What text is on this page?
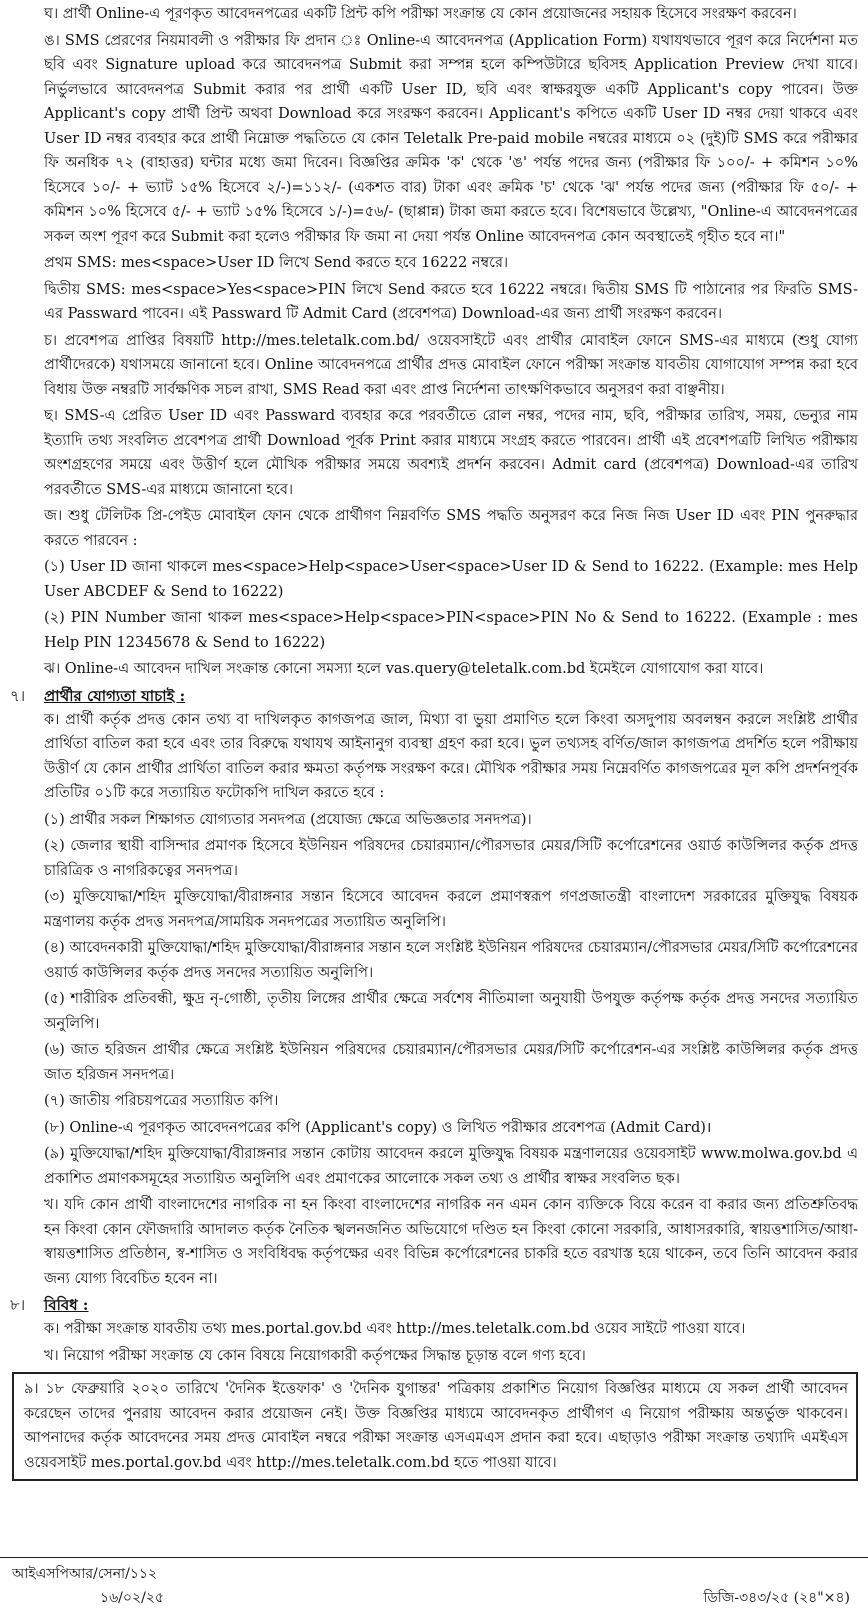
ঘ। প্রার্থী Online-এ পূরণকৃত আবেদনপত্রের একটি প্রিন্ট কপি পরীক্ষা সংক্রান্ত যে কোন প্রয়োজনের সহায়ক হিসেবে সংরক্ষণ করবেন।

ঙ। SMS প্রেরণের নিয়মাবলী ও পরীক্ষার ফি প্রদান ঃ Online-এ আবেদনপত্র (Application Form) যথাযথভাবে পূরণ করে নির্দেশনা মত ছবি এবং Signature upload করে আবেদনপত্র Submit করা সম্পন্ন হলে কম্পিউটারে ছবিসহ Application Preview দেখা যাবে। নির্ভুলভাবে আবেদনপত্র Submit করার পর প্রার্থী একটি User ID, ছবি এবং স্বাক্ষরযুক্ত একটি Applicant's copy পাবেন। উক্ত Applicant's copy প্রার্থী প্রিন্ট অথবা Download করে সংরক্ষণ করবেন। Applicant's কপিতে একটি User ID নম্বর দেয়া থাকবে এবং User ID নম্বর ব্যবহার করে প্রার্থী নিম্নোক্ত পদ্ধতিতে যে কোন Teletalk Pre-paid mobile নম্বরের মাধ্যমে ০২ (দুই)টি SMS করে পরীক্ষার ফি অনধিক ৭২ (বাহাত্তর) ঘন্টার মধ্যে জমা দিবেন। বিজ্ঞপ্তির ক্রমিক 'ক' থেকে 'ঙ' পর্যন্ত পদের জন্য (পরীক্ষার ফি ১০০/- + কমিশন ১০% হিসেবে ১০/- + ভ্যাট ১৫% হিসেবে ২/-)=১১২/- (একশত বার) টাকা এবং ক্রমিক 'চ' থেকে 'ঝ' পর্যন্ত পদের জন্য (পরীক্ষার ফি ৫০/- + কমিশন ১০% হিসেবে ৫/- + ভ্যাট ১৫% হিসেবে ১/-)=৫৬/- (ছাপ্পান্ন) টাকা জমা করতে হবে। বিশেষভাবে উল্লেখ্য, "Online-এ আবেদনপত্রের সকল অংশ পূরণ করে Submit করা হলেও পরীক্ষার ফি জমা না দেয়া পর্যন্ত Online আবেদনপত্র কোন অবস্থাতেই গৃহীত হবে না।"

প্রথম SMS: mes<space>User ID লিখে Send করতে হবে 16222 নম্বরে।

দ্বিতীয় SMS: mes<space>Yes<space>PIN লিখে Send করতে হবে 16222 নম্বরে। দ্বিতীয় SMS টি পাঠানোর পর ফিরতি SMS-এর Passward পাবেন। এই Passward টি Admit Card (প্রবেশপত্র) Download-এর জন্য প্রার্থী সংরক্ষণ করবেন।

চ। প্রবেশপত্র প্রাপ্তির বিষয়টি http://mes.teletalk.com.bd/ ওয়েবসাইটে এবং প্রার্থীর মোবাইল ফোনে SMS-এর মাধ্যমে (শুধু যোগ্য প্রার্থীদেরকে) যথাসময়ে জানানো হবে। Online আবেদনপত্রে প্রার্থীর প্রদত্ত মোবাইল ফোনে পরীক্ষা সংক্রান্ত যাবতীয় যোগাযোগ সম্পন্ন করা হবে বিধায় উক্ত নম্বরটি সার্বক্ষণিক সচল রাখা, SMS Read করা এবং প্রাপ্ত নির্দেশনা তাৎক্ষণিকভাবে অনুসরণ করা বাঞ্ছনীয়।

ছ। SMS-এ প্রেরিত User ID এবং Passward ব্যবহার করে পরবর্তীতে রোল নম্বর, পদের নাম, ছবি, পরীক্ষার তারিখ, সময়, ভেন্যুর নাম ইত্যাদি তথ্য সংবলিত প্রবেশপত্র প্রার্থী Download পূর্বক Print করার মাধ্যমে সংগ্রহ করতে পারবেন। প্রার্থী এই প্রবেশপত্রটি লিখিত পরীক্ষায় অংশগ্রহণের সময়ে এবং উত্তীর্ণ হলে মৌখিক পরীক্ষার সময়ে অবশ্যই প্রদর্শন করবেন। Admit card (প্রবেশপত্র) Download-এর তারিখ পরবর্তীতে SMS-এর মাধ্যমে জানানো হবে।

জ। শুধু টেলিটক প্রি-পেইড মোবাইল ফোন থেকে প্রার্থীগণ নিম্নবর্ণিত SMS পদ্ধতি অনুসরণ করে নিজ নিজ User ID এবং PIN পুনরুদ্ধার করতে পারবেন :

(১) User ID জানা থাকলে mes<space>Help<space>User<space>User ID & Send to 16222. (Example: mes Help User ABCDEF & Send to 16222)

(২) PIN Number জানা থাকল mes<space>Help<space>PIN<space>PIN No & Send to 16222. (Example : mes Help PIN 12345678 & Send to 16222)

ঝ। Online-এ আবেদন দাখিল সংক্রান্ত কোনো সমস্যা হলে vas.query@teletalk.com.bd ইমেইলে যোগাযোগ করা যাবে।

৭।	প্রার্থীর যোগ্যতা যাচাই :

ক। প্রার্থী কর্তৃক প্রদত্ত কোন তথ্য বা দাখিলকৃত কাগজপত্র জাল, মিথ্যা বা ভুয়া প্রমাণিত হলে কিংবা অসদুপায় অবলম্বন করলে সংশ্লিষ্ট প্রার্থীর প্রার্থিতা বাতিল করা হবে এবং তার বিরুদ্ধে যথাযথ আইনানুগ ব্যবস্থা গ্রহণ করা হবে। ভুল তথ্যসহ বর্ণিত/জাল কাগজপত্র প্রদর্শিত হলে পরীক্ষায় উত্তীর্ণ যে কোন প্রার্থীর প্রার্থিতা বাতিল করার ক্ষমতা কর্তৃপক্ষ সংরক্ষণ করে। মৌখিক পরীক্ষার সময় নিম্নেবর্ণিত কাগজপত্রের মূল কপি প্রদর্শনপূর্বক প্রতিটির ০১টি করে সত্যায়িত ফটোকপি দাখিল করতে হবে :

(১) প্রার্থীর সকল শিক্ষাগত যোগ্যতার সনদপত্র (প্রযোজ্য ক্ষেত্রে অভিজ্ঞতার সনদপত্র)।

(২) জেলার স্থায়ী বাসিন্দার প্রমাণক হিসেবে ইউনিয়ন পরিষদের চেয়ারম্যান/পৌরসভার মেয়র/সিটি কর্পোরেশনের ওয়ার্ড কাউন্সিলর কর্তৃক প্রদত্ত চারিত্রিক ও নাগরিকত্বের সনদপত্র।

(৩) মুক্তিযোদ্ধা/শহিদ মুক্তিযোদ্ধা/বীরাঙ্গনার সন্তান হিসেবে আবেদন করলে প্রমাণস্বরূপ গণপ্রজাতন্ত্রী বাংলাদেশ সরকারের মুক্তিযুদ্ধ বিষয়ক মন্ত্রণালয় কর্তৃক প্রদত্ত সনদপত্র/সাময়িক সনদপত্রের সত্যায়িত অনুলিপি।

(৪) আবেদনকারী মুক্তিযোদ্ধা/শহিদ মুক্তিযোদ্ধা/বীরাঙ্গনার সন্তান হলে সংশ্লিষ্ট ইউনিয়ন পরিষদের চেয়ারম্যান/পৌরসভার মেয়র/সিটি কর্পোরেশনের ওয়ার্ড কাউন্সিলর কর্তৃক প্রদত্ত সনদের সত্যায়িত অনুলিপি।

(৫) শারীরিক প্রতিবন্ধী, ক্ষুদ্র নৃ-গোষ্ঠী, তৃতীয় লিঙ্গের প্রার্থীর ক্ষেত্রে সর্বশেষ নীতিমালা অনুযায়ী উপযুক্ত কর্তৃপক্ষ কর্তৃক প্রদত্ত সনদের সত্যায়িত অনুলিপি।

(৬) জাত হরিজন প্রার্থীর ক্ষেত্রে সংশ্লিষ্ট ইউনিয়ন পরিষদের চেয়ারম্যান/পৌরসভার মেয়র/সিটি কর্পোরেশন-এর সংশ্লিষ্ট কাউন্সিলর কর্তৃক প্রদত্ত জাত হরিজন সনদপত্র।

(৭) জাতীয় পরিচয়পত্রের সত্যায়িত কপি।

(৮) Online-এ পূরণকৃত আবেদনপত্রের কপি (Applicant's copy) ও লিখিত পরীক্ষার প্রবেশপত্র (Admit Card)।

(৯) মুক্তিযোদ্ধা/শহিদ মুক্তিযোদ্ধা/বীরাঙ্গনার সন্তান কোটায় আবেদন করলে মুক্তিযুদ্ধ বিষয়ক মন্ত্রণালয়ের ওয়েবসাইট www.molwa.gov.bd এ প্রকাশিত প্রমাণকসমূহের সত্যায়িত অনুলিপি এবং প্রমাণকের আলোকে সকল তথ্য ও প্রার্থীর স্বাক্ষর সংবলিত ছক।

খ। যদি কোন প্রার্থী বাংলাদেশের নাগরিক না হন কিংবা বাংলাদেশের নাগরিক নন এমন কোন ব্যক্তিকে বিয়ে করেন বা করার জন্য প্রতিশ্রুতিবদ্ধ হন কিংবা কোন ফৌজদারি আদালত কর্তৃক নৈতিক স্খলনজনিত অভিযোগে দণ্ডিত হন কিংবা কোনো সরকারি, আধাসরকারি, স্বায়ত্তশাসিত/আধা-স্বায়ত্তশাসিত প্রতিষ্ঠান, স্ব-শাসিত ও সংবিধিবদ্ধ কর্তৃপক্ষের এবং বিভিন্ন কর্পোরেশনের চাকরি হতে বরখাস্ত হয়ে থাকেন, তবে তিনি আবেদন করার জন্য যোগ্য বিবেচিত হবেন না।

৮।	বিবিধ :

ক। পরীক্ষা সংক্রান্ত যাবতীয় তথ্য mes.portal.gov.bd এবং http://mes.teletalk.com.bd ওয়েব সাইটে পাওয়া যাবে।

খ। নিয়োগ পরীক্ষা সংক্রান্ত যে কোন বিষয়ে নিয়োগকারী কর্তৃপক্ষের সিদ্ধান্ত চূড়ান্ত বলে গণ্য হবে।

৯। ১৮ ফেব্রুয়ারি ২০২০ তারিখে 'দৈনিক ইত্তেফাক' ও 'দৈনিক যুগান্তর' পত্রিকায় প্রকাশিত নিয়োগ বিজ্ঞপ্তির মাধ্যমে যে সকল প্রার্থী আবেদন করেছেন তাদের পুনরায় আবেদন করার প্রয়োজন নেই। উক্ত বিজ্ঞপ্তির মাধ্যমে আবেদনকৃত প্রার্থীগণ এ নিয়োগ পরীক্ষায় অন্তর্ভুক্ত থাকবেন। আপনাদের কর্তৃক আবেদনের সময় প্রদত্ত মোবাইল নম্বরে পরীক্ষা সংক্রান্ত এসএমএস প্রদান করা হবে। এছাড়াও পরীক্ষা সংক্রান্ত তথ্যাদি এমইএস ওয়েবসাইট mes.portal.gov.bd এবং http://mes.teletalk.com.bd হতে পাওয়া যাবে।

আইএসপিআর/সেনা/১১২
১৬/০২/২৫	ডিজি-৩৪৩/২৫ (২৪"×৪)
